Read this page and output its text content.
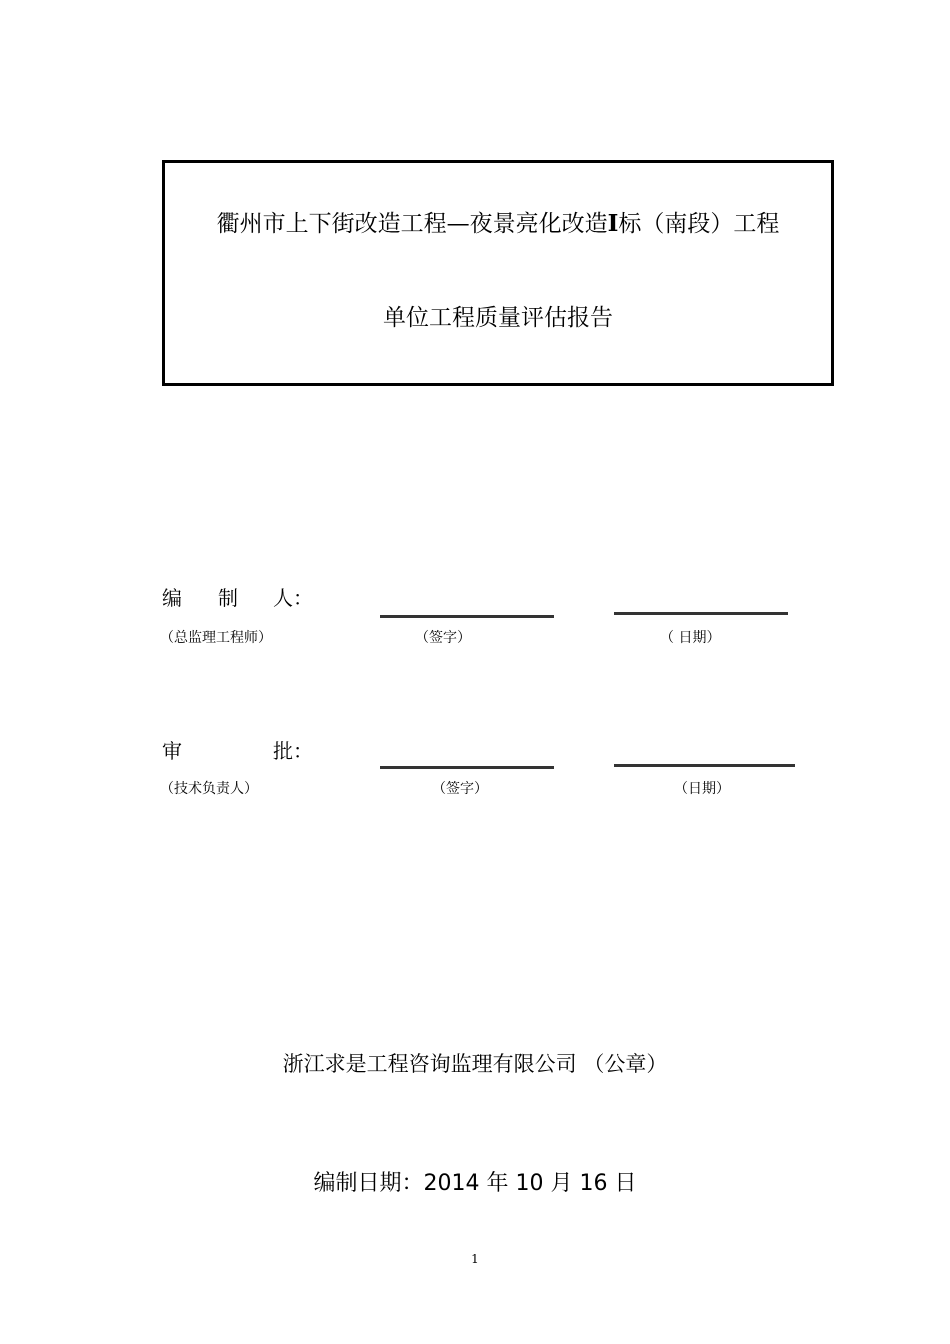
衢州市上下街改造工程—夜景亮化改造I标（南段）工程
单位工程质量评估报告
编 制 人：
（总监理工程师）	（签字）	（ 日期）
审	批：
（技术负责人）	（签字）	（日期）
浙江求是工程咨询监理有限公司 （公章）
编制日期：2014 年 10 月 16 日
1
